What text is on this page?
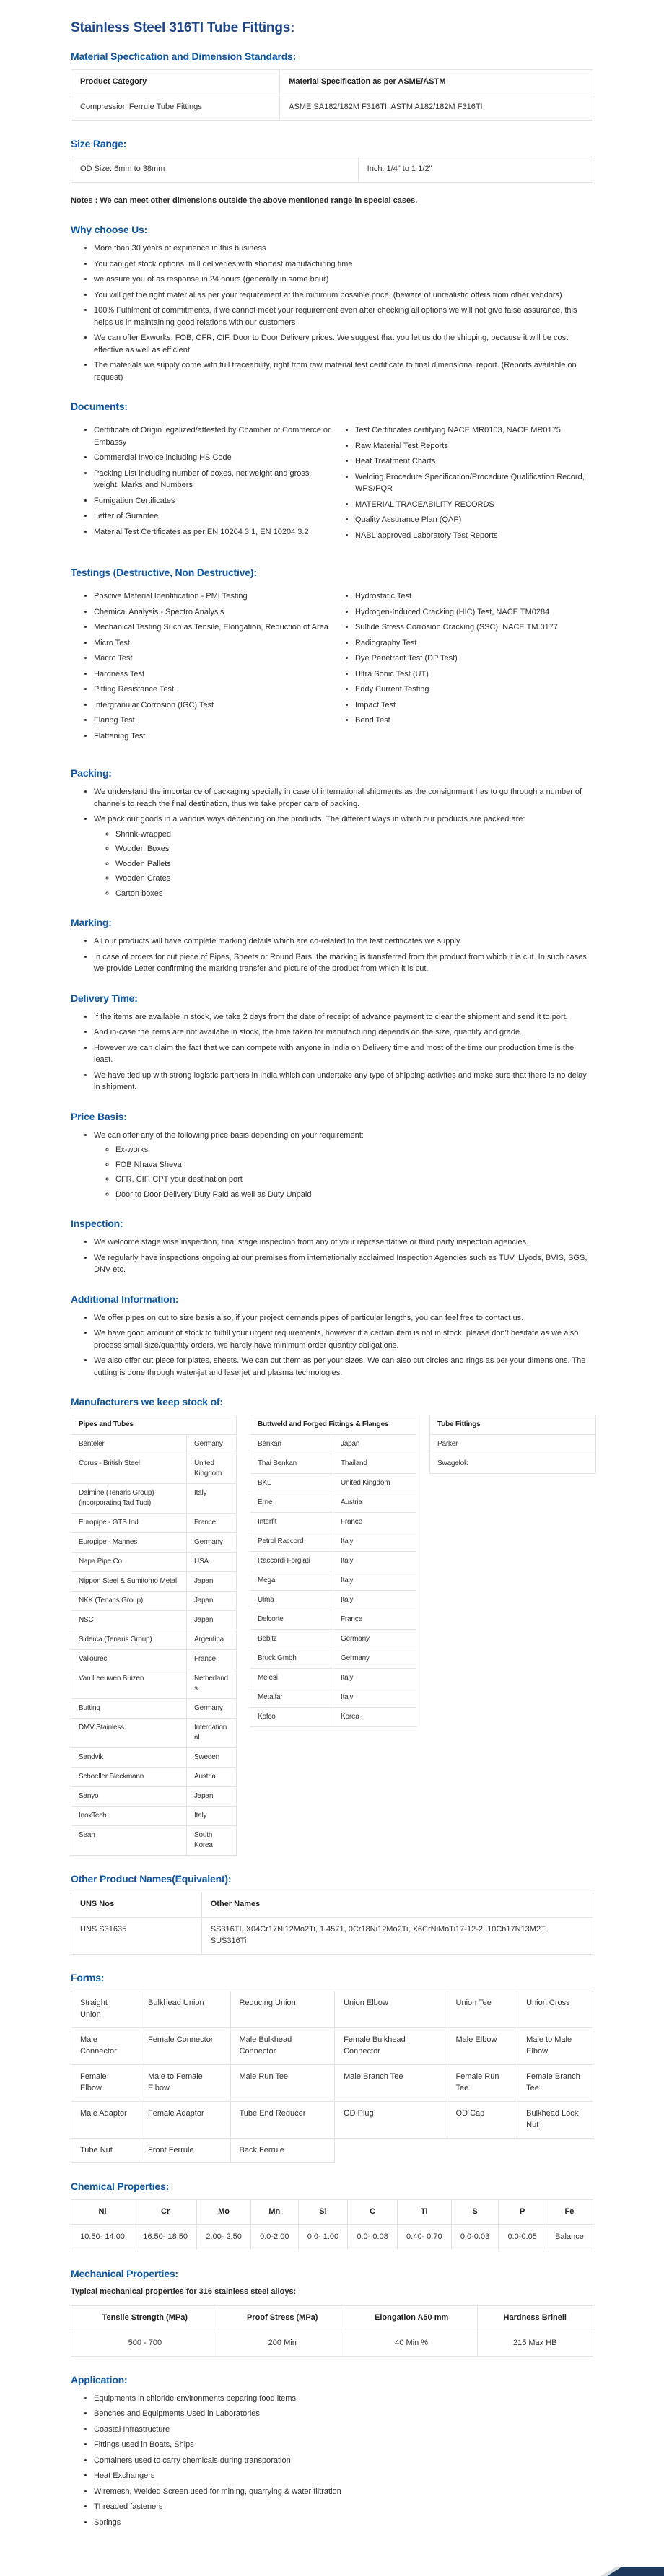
Stainless Steel 316TI Tube Fittings:
Material Specfication and Dimension Standards:
Product Category	Material Specification as per ASME/ASTM
Compression Ferrule Tube Fittings	ASME SA182/182M F316TI, ASTM A182/182M F316TI
Size Range:
OD Size: 6mm to 38mm	Inch: 1/4" to 1 1/2"

Notes : We can meet other dimensions outside the above mentioned range in special cases.

Why choose Us:
• More than 30 years of expirience in this business
• You can get stock options, mill deliveries with shortest manufacturing time
• we assure you of as response in 24 hours (generally in same hour)
• You will get the right material as per your requirement at the minimum possible price, (beware of unrealistic offers from other vendors)
• 100% Fulfilment of commitments, if we cannot meet your requirement even after checking all options we will not give false assurance, this helps us in maintaining good relations with our customers
• We can offer Exworks, FOB, CFR, CIF, Door to Door Delivery prices. We suggest that you let us do the shipping, because it will be cost effective as well as efficient
• The materials we supply come with full traceability, right from raw material test certificate to final dimensional report. (Reports available on request)
Documents:
• Certificate of Origin legalized/attested by Chamber of Commerce or Embassy
• Commercial Invoice including HS Code
• Packing List including number of boxes, net weight and gross weight, Marks and Numbers
• Fumigation Certificates
• Letter of Gurantee
• Material Test Certificates as per EN 10204 3.1, EN 10204 3.2
• Test Certificates certifying NACE MR0103, NACE MR0175
• Raw Material Test Reports
• Heat Treatment Charts
• Welding Procedure Specification/Procedure Qualification Record, WPS/PQR
• MATERIAL TRACEABILITY RECORDS
• Quality Assurance Plan (QAP)
• NABL approved Laboratory Test Reports
Testings (Destructive, Non Destructive):
• Positive Material Identification - PMI Testing
• Chemical Analysis - Spectro Analysis
• Mechanical Testing Such as Tensile, Elongation, Reduction of Area
• Micro Test
• Macro Test
• Hardness Test
• Pitting Resistance Test
• Intergranular Corrosion (IGC) Test
• Flaring Test
• Flattening Test
• Hydrostatic Test
• Hydrogen-Induced Cracking (HIC) Test, NACE TM0284
• Sulfide Stress Corrosion Cracking (SSC), NACE TM 0177
• Radiography Test
• Dye Penetrant Test (DP Test)
• Ultra Sonic Test (UT)
• Eddy Current Testing
• Impact Test
• Bend Test
Packing:
• We understand the importance of packaging specially in case of international shipments as the consignment has to go through a number of channels to reach the final destination, thus we take proper care of packing.
• We pack our goods in a various ways depending on the products. The different ways in which our products are packed are:
◦ Shrink-wrapped
◦ Wooden Boxes
◦ Wooden Pallets
◦ Wooden Crates
◦ Carton boxes
Marking:
• All our products will have complete marking details which are co-related to the test certificates we supply.
• In case of orders for cut piece of Pipes, Sheets or Round Bars, the marking is transferred from the product from which it is cut. In such cases we provide Letter confirming the marking transfer and picture of the product from which it is cut.
Delivery Time:
• If the items are available in stock, we take 2 days from the date of receipt of advance payment to clear the shipment and send it to port.
• And in-case the items are not availabe in stock, the time taken for manufacturing depends on the size, quantity and grade.
• However we can claim the fact that we can compete with anyone in India on Delivery time and most of the time our production time is the least.
• We have tied up with strong logistic partners in India which can undertake any type of shipping activites and make sure that there is no delay in shipment.
Price Basis:
• We can offer any of the following price basis depending on your requirement:
◦ Ex-works
◦ FOB Nhava Sheva
◦ CFR, CIF, CPT your destination port
◦ Door to Door Delivery Duty Paid as well as Duty Unpaid
Inspection:
• We welcome stage wise inspection, final stage inspection from any of your representative or third party inspection agencies.
• We regularly have inspections ongoing at our premises from internationally acclaimed Inspection Agencies such as TUV, Llyods, BVIS, SGS, DNV etc.
Additional Information:
• We offer pipes on cut to size basis also, if your project demands pipes of particular lengths, you can feel free to contact us.
• We have good amount of stock to fulfill your urgent requirements, however if a certain item is not in stock, please don't hesitate as we also process small size/quantity orders, we hardly have minimum order quantity obligations.
• We also offer cut piece for plates, sheets. We can cut them as per your sizes. We can also cut circles and rings as per your dimensions. The cutting is done through water-jet and laserjet and plasma technologies.
Manufacturers we keep stock of:
Pipes and Tubes	
Benteler	Germany
Corus - British Steel	United Kingdom
Dalmine (Tenaris Group) (incorporating Tad Tubi)	Italy
Europipe - GTS Ind.	France
Europipe - Mannes	Germany
Napa Pipe Co	USA
Nippon Steel & Sumitomo Metal	Japan
NKK (Tenaris Group)	Japan
NSC	Japan
Siderca (Tenaris Group)	Argentina
Vallourec	France
Van Leeuwen Buizen	Netherlands
Butting	Germany
DMV Stainless	International
Sandvik	Sweden
Schoeller Bleckmann	Austria
Sanyo	Japan
InoxTech	Italy
Seah	South Korea
Buttweld and Forged Fittings & Flanges	
Benkan	Japan
Thai Benkan	Thailand
BKL	United Kingdom
Erne	Austria
Interfit	France
Petrol Raccord	Italy
Raccordi Forgiati	Italy
Mega	Italy
Ulma	Italy
Delcorte	France
Bebitz	Germany
Bruck Gmbh	Germany
Melesi	Italy
Metalfar	Italy
Kofco	Korea
Tube Fittings
Parker
Swagelok
Other Product Names(Equivalent):
UNS Nos	Other Names
UNS S31635	SS316TI, X04Cr17Ni12Mo2Ti, 1.4571, 0Cr18Ni12Mo2Ti, X6CrNiMoTi17-12-2, 10Ch17N13M2T, SUS316Ti
Forms:
Straight Union	Bulkhead Union	Reducing Union	Union Elbow	Union Tee	Union Cross
Male Connector	Female Connector	Male Bulkhead Connector	Female Bulkhead Connector	Male Elbow	Male to Male Elbow
Female Elbow	Male to Female Elbow	Male Run Tee	Male Branch Tee	Female Run Tee	Female Branch Tee
Male Adaptor	Female Adaptor	Tube End Reducer	OD Plug	OD Cap	Bulkhead Lock Nut
Tube Nut	Front Ferrule	Back Ferrule			
Chemical Properties:
Ni	Cr	Mo	Mn	Si	C	Ti	S	P	Fe
10.50- 14.00	16.50- 18.50	2.00- 2.50	0.0-2.00	0.0- 1.00	0.0- 0.08	0.40- 0.70	0.0-0.03	0.0-0.05	Balance
Mechanical Properties:

Typical mechanical properties for 316 stainless steel alloys:

Tensile Strength (MPa)	Proof Stress (MPa)	Elongation A50 mm	Hardness Brinell
500 - 700	200 Min	40 Min %	215 Max HB
Application:
• Equipments in chloride environments peparing food items
• Benches and Equipments Used in Laboratories
• Coastal Infrastructure
• Fittings used in Boats, Ships
• Containers used to carry chemicals during transporation
• Heat Exchangers
• Wiremesh, Welded Screen used for mining, quarrying & water filtration
• Threaded fasteners
• Springs
